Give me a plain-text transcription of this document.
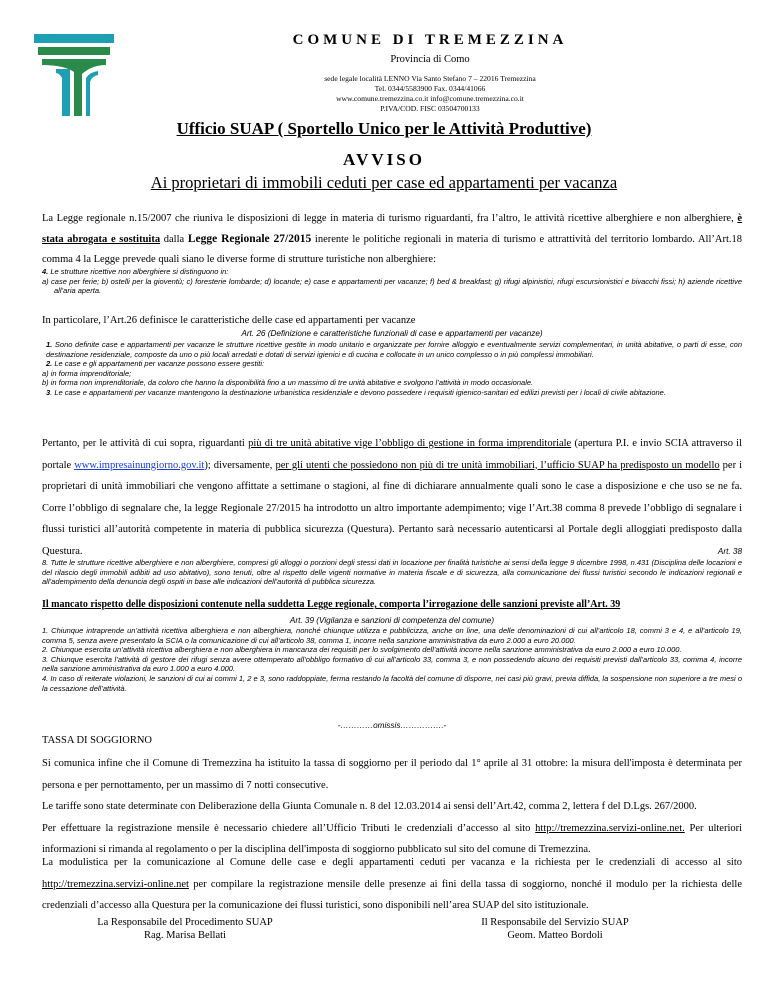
COMUNE DI TREMEZZINA
Provincia di Como
sede legale località LENNO Via Santo Stefano 7 – 22016 Tremezzina
Tel. 0344/5583900 Fax. 0344/41066
www.comune.tremezzina.co.it info@comune.tremezzina.co.it
P.IVA/COD. FISC 03504700133
Ufficio SUAP ( Sportello Unico per le Attività Produttive)
AVVISO
Ai proprietari di immobili ceduti per case ed appartamenti per vacanza
La Legge regionale n.15/2007 che riuniva le disposizioni di legge in materia di turismo riguardanti, fra l’altro, le attività ricettive alberghiere e non alberghiere, è stata abrogata e sostituita dalla Legge Regionale 27/2015 inerente le politiche regionali in materia di turismo e attrattività del territorio lombardo. All’Art.18 comma 4 la Legge prevede quali siano le diverse forme di strutture turistiche non alberghiere:
4. Le strutture ricettive non alberghiere si distinguono in:
a) case per ferie; b) ostelli per la gioventù; c) foresterie lombarde; d) locande; e) case e appartamenti per vacanze; f) bed & breakfast; g) rifugi alpinistici, rifugi escursionistici e bivacchi fissi; h) aziende ricettive all’aria aperta.
In particolare, l’Art.26 definisce le caratteristiche delle case ed appartamenti per vacanze
Art. 26 (Definizione e caratteristiche funzionali di case e appartamenti per vacanze)
1. Sono definite case e appartamenti per vacanze le strutture ricettive gestite in modo unitario e organizzate per fornire alloggio e eventualmente servizi complementari, in unità abitative, o parti di esse, con destinazione residenziale, composte da uno o più locali arredati e dotati di servizi igienici e di cucina e collocate in un unico complesso o in più complessi immobiliari.
2. Le case e gli appartamenti per vacanze possono essere gestiti:
a) in forma imprenditoriale;
b) in forma non imprenditoriale, da coloro che hanno la disponibilità fino a un massimo di tre unità abitative e svolgono l’attività in modo occasionale.
3. Le case e appartamenti per vacanze mantengono la destinazione urbanistica residenziale e devono possedere i requisiti igienico-sanitari ed edilizi previsti per i locali di civile abitazione.
Pertanto, per le attività di cui sopra, riguardanti più di tre unità abitative vige l’obbligo di gestione in forma imprenditoriale (apertura P.I. e invio SCIA attraverso il portale www.impresainungiorno.gov.it); diversamente, per gli utenti che possiedono non più di tre unità immobiliari, l’ufficio SUAP ha predisposto un modello per i proprietari di unità immobiliari che vengono affittate a settimane o stagioni, al fine di dichiarare annualmente quali sono le case a disposizione e che uso se ne fa. Corre l’obbligo di segnalare che, la legge Regionale 27/2015 ha introdotto un altro importante adempimento; vige l’Art.38 comma 8 prevede l’obbligo di segnalare i flussi turistici all’autorità competente in materia di pubblica sicurezza (Questura). Pertanto sarà necessario autenticarsi al Portale degli alloggiati predisposto dalla Questura.	Art. 38
8. Tutte le strutture ricettive alberghiere e non alberghiere, compresi gli alloggi o porzioni degli stessi dati in locazione per finalità turistiche ai sensi della legge 9 dicembre 1998, n.431 (Disciplina delle locazioni e del rilascio degli immobili adibiti ad uso abitativo), sono tenuti, oltre al rispetto delle vigenti normative in materia fiscale e di sicurezza, alla comunicazione dei flussi turistici secondo le indicazioni regionali e all’adempimento della denuncia degli ospiti in base alle indicazioni dell’autorità di pubblica sicurezza.
Il mancato rispetto delle disposizioni contenute nella suddetta Legge regionale, comporta l’irrogazione delle sanzioni previste all’Art. 39
Art. 39 (Vigilanza e sanzioni di competenza del comune)
1. Chiunque intraprende un’attività ricettiva alberghiera e non alberghiera, nonché chiunque utilizza e pubblicizza, anche on line, una delle denominazioni di cui all’articolo 18, commi 3 e 4, e all’articolo 19, comma 5, senza avere presentato la SCIA o la comunicazione di cui all’articolo 38, comma 1, incorre nella sanzione amministrativa da euro 2.000 a euro 20.000.
2. Chiunque esercita un’attività ricettiva alberghiera e non alberghiera in mancanza dei requisiti per lo svolgimento dell’attività incorre nella sanzione amministrativa da euro 2.000 a euro 10.000.
3. Chiunque esercita l’attività di gestore dei rifugi senza avere ottemperato all’obbligo formativo di cui all’articolo 33, comma 3, e non possedendo alcuno dei requisiti previsti dall’articolo 33, comma 4, incorre nella sanzione amministrativa da euro 1.000 a euro 4.000.
4. In caso di reiterate violazioni, le sanzioni di cui ai commi 1, 2 e 3, sono raddoppiate, ferma restando la facoltà del comune di disporre, nei casi più gravi, previa diffida, la sospensione non superiore a tre mesi o la cessazione dell’attività.
-…………omissis…………….-
TASSA DI SOGGIORNO
Si comunica infine che il Comune di Tremezzina ha istituito la tassa di soggiorno per il periodo dal 1° aprile al 31 ottobre: la misura dell'imposta è determinata per persona e per pernottamento, per un massimo di 7 notti consecutive.
Le tariffe sono state determinate con Deliberazione della Giunta Comunale n. 8 del 12.03.2014 ai sensi dell’Art.42, comma 2, lettera f del D.Lgs. 267/2000.
Per effettuare la registrazione mensile è necessario chiedere all’Ufficio Tributi le credenziali d’accesso al sito http://tremezzina.servizi-online.net. Per ulteriori informazioni si rimanda al regolamento o per la disciplina dell'imposta di soggiorno pubblicato sul sito del comune di Tremezzina.
La modulistica per la comunicazione al Comune delle case e degli appartamenti ceduti per vacanza e la richiesta per le credenziali di accesso al sito http://tremezzina.servizi-online.net per compilare la registrazione mensile delle presenze ai fini della tassa di soggiorno, nonché il modulo per la richiesta delle credenziali d’accesso alla Questura per la comunicazione dei flussi turistici, sono disponibili nell’area SUAP del sito istituzionale.
La Responsabile del Procedimento SUAP
Rag. Marisa Bellati
Il Responsabile del Servizio SUAP
Geom. Matteo Bordoli
